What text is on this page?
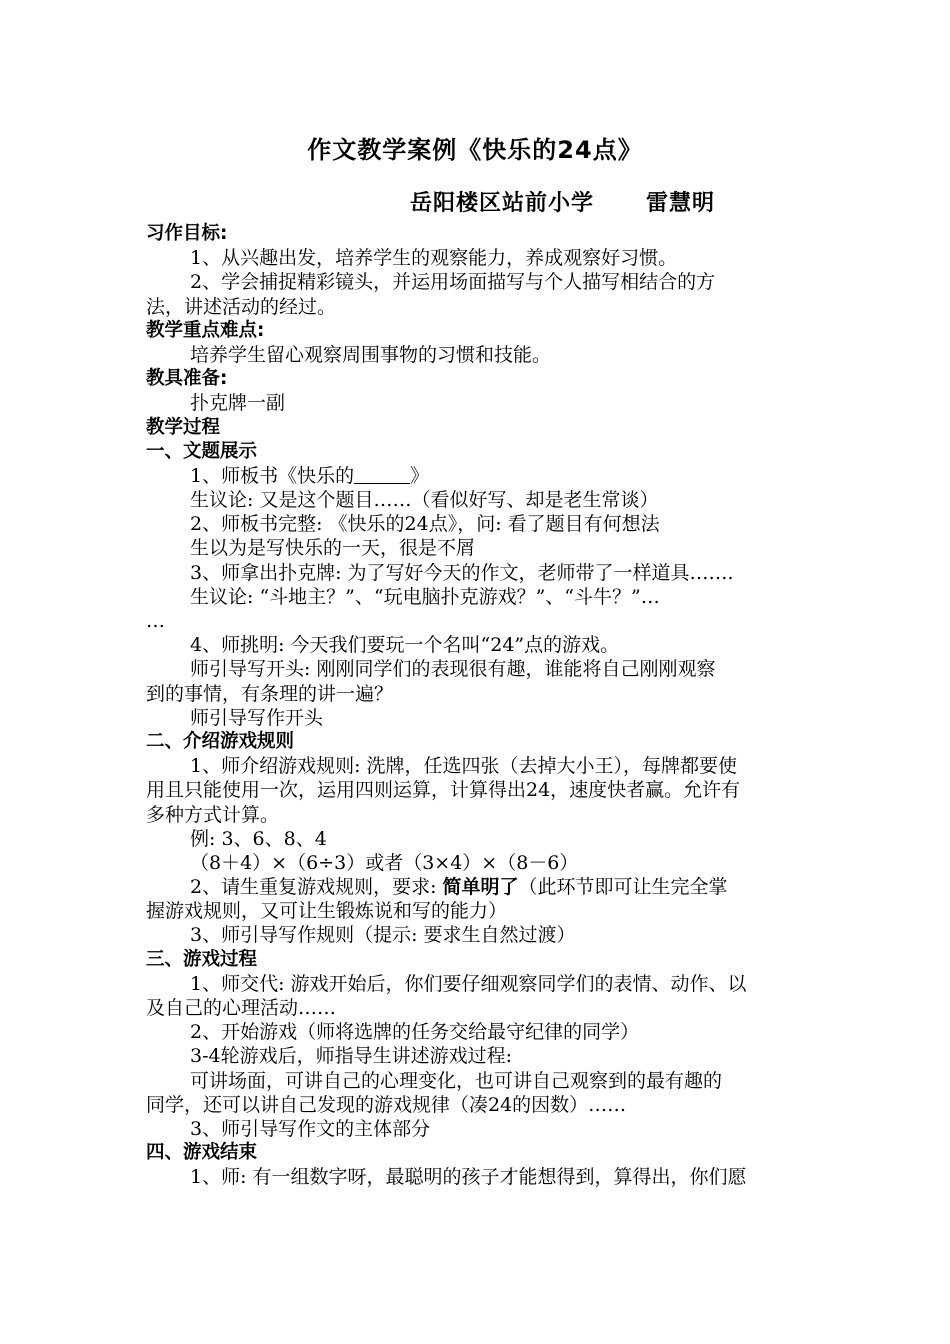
作文教学案例《快乐的24点》
岳阳楼区站前小学      雷慧明
习作目标:
1、从兴趣出发，培养学生的观察能力，养成观察好习惯。
2、学会捕捉精彩镜头，并运用场面描写与个人描写相结合的方
法，讲述活动的经过。
教学重点难点:
培养学生留心观察周围事物的习惯和技能。
教具准备:
扑克牌一副
教学过程
一、文题展示
1、师板书《快乐的	》
生议论: 又是这个题目……（看似好写、却是老生常谈）
2、师板书完整: 《快乐的24点》，问: 看了题目有何想法
生以为是写快乐的一天，很是不屑
3、师拿出扑克牌: 为了写好今天的作文，老师带了一样道具…….
生议论: “斗地主？”、“玩电脑扑克游戏？”、“斗牛？”…
…
4、师挑明: 今天我们要玩一个名叫“24”点的游戏。
师引导写开头: 刚刚同学们的表现很有趣，谁能将自己刚刚观察
到的事情，有条理的讲一遍？
师引导写作开头
二、介绍游戏规则
1、师介绍游戏规则: 洗牌，任选四张（去掉大小王），每牌都要使
用且只能使用一次，运用四则运算，计算得出24，速度快者赢。允许有
多种方式计算。
例: 3、6、8、4
（8＋4）×（6÷3）或者（3×4）×（8－6）
2、请生重复游戏规则，要求: 简单明了（此环节即可让生完全掌
握游戏规则，又可让生锻炼说和写的能力）
3、师引导写作规则（提示: 要求生自然过渡）
三、游戏过程
1、师交代: 游戏开始后，你们要仔细观察同学们的表情、动作、以
及自己的心理活动……
2、开始游戏（师将选牌的任务交给最守纪律的同学）
3-4轮游戏后，师指导生讲述游戏过程:
可讲场面，可讲自己的心理变化，也可讲自己观察到的最有趣的
同学，还可以讲自己发现的游戏规律（凑24的因数）……
3、师引导写作文的主体部分
四、游戏结束
1、师: 有一组数字呀，最聪明的孩子才能想得到，算得出，你们愿
